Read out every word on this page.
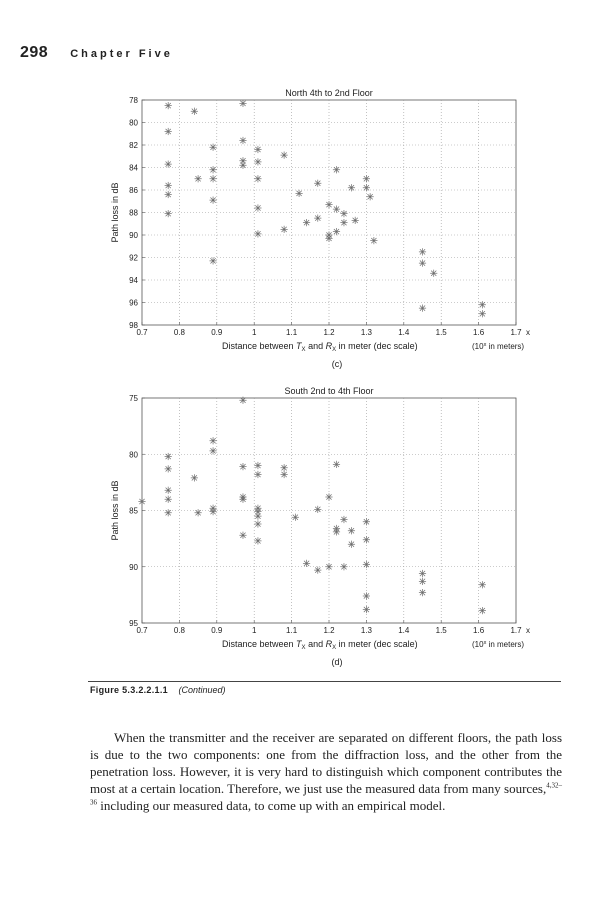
298 Chapter Five
North 4th to 2nd Floor
0.7	0.8	0.9	1	1.1	1.2	1.3	1.4	1.5	1.6	1.7 x
78
80
82
84
86
88
90
92
94
96
98
Path loss in dB
Distance between $T_X$ and $R_X$ in meter (dec scale)	(10$^x$ in meters)
(c)
South 2nd to 4th Floor
0.7	0.8	0.9	1	1.1	1.2	1.3	1.4	1.5	1.6	1.7 x
75
80
85
90
95
Path loss in dB
Distance between $T_X$ and $R_X$ in meter (dec scale)	(10$^x$ in meters)
(d)
Figure 5.3.2.2.1.1 (Continued)

When the transmitter and the receiver are separated on different floors, the path loss is due to the two components: one from the diffraction loss, and the other from the penetration loss. However, it is very hard to distinguish which component contributes the most at a certain location. Therefore, we just use the measured data from many sources,$^{4,32-36}$ including our measured data, to come up with an empirical model.
